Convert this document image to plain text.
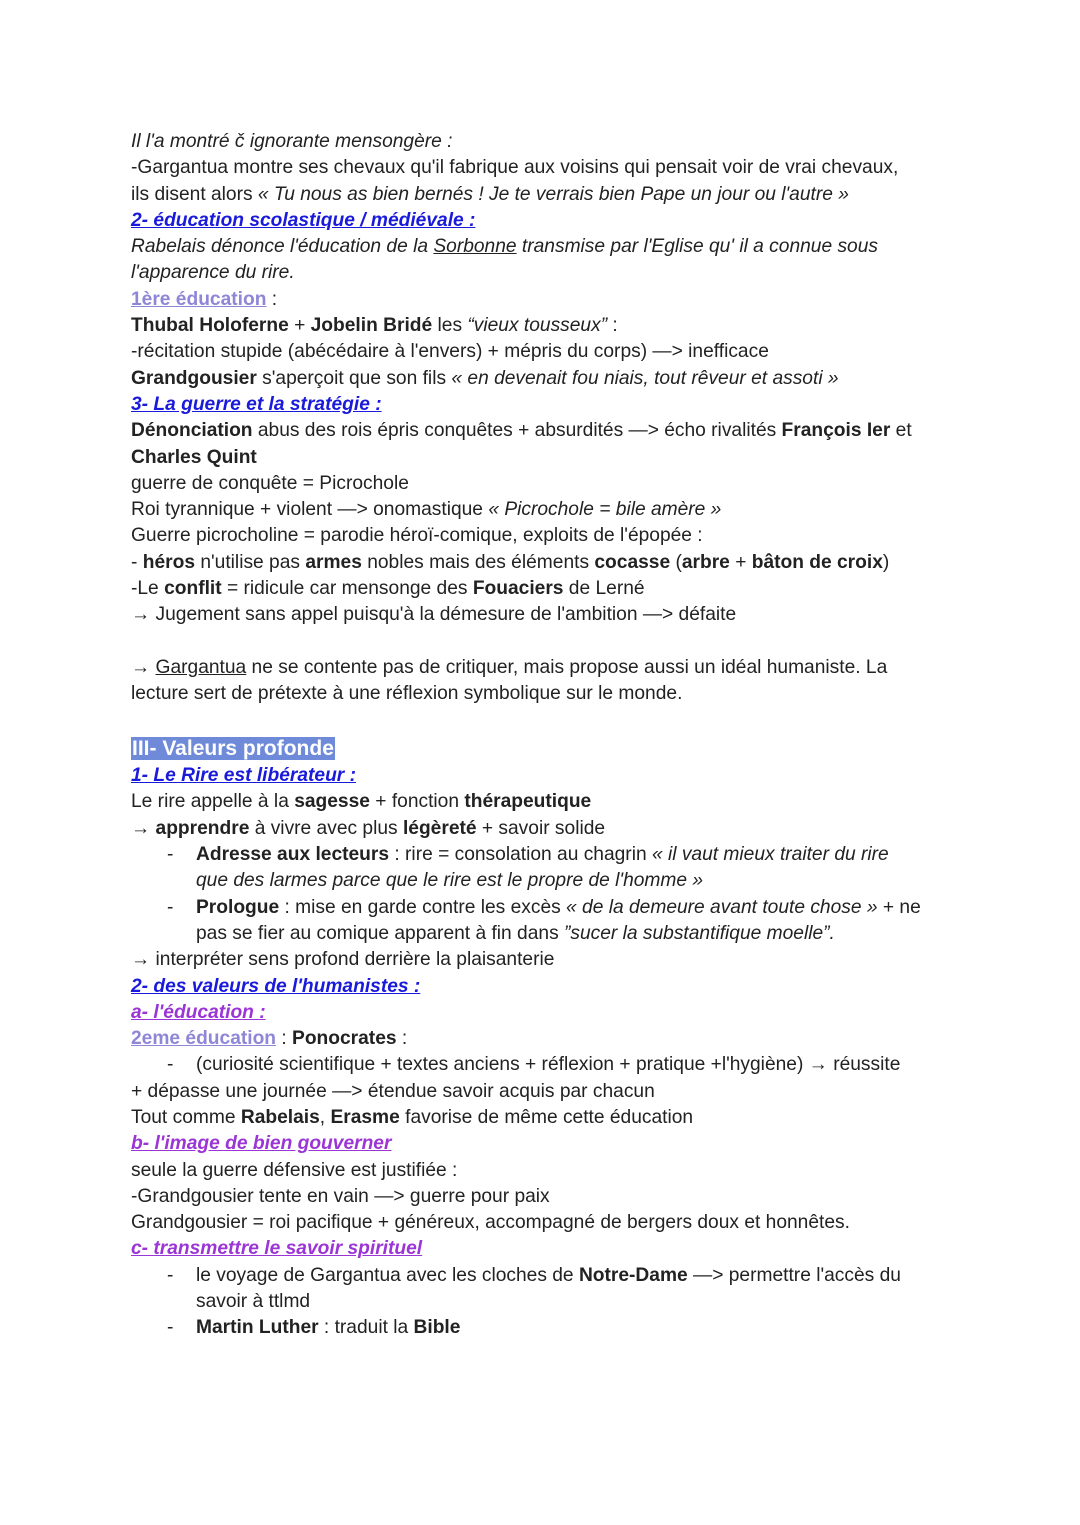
Il l'a montré č ignorante mensongère :
-Gargantua montre ses chevaux qu'il fabrique aux voisins qui pensait voir de vrai chevaux,
ils disent alors « Tu nous as bien bernés ! Je te verrais bien Pape un jour ou l'autre »
2- éducation scolastique / médiévale :
Rabelais dénonce l'éducation de la Sorbonne transmise par l'Eglise qu' il a connue sous
l'apparence du rire.
1ère éducation :
Thubal Holoferne + Jobelin Bridé les “vieux tousseux” :
-récitation stupide (abécédaire à l'envers) + mépris du corps) —> inefficace
Grandgousier s'aperçoit que son fils « en devenait fou niais, tout rêveur et assoti »
3- La guerre et la stratégie :
Dénonciation abus des rois épris conquêtes + absurdités —> écho rivalités François Ier et
Charles Quint
guerre de conquête = Picrochole
Roi tyrannique + violent —> onomastique « Picrochole = bile amère »
Guerre picrocholine = parodie héroï-comique, exploits de l'épopée :
- héros n'utilise pas armes nobles mais des éléments cocasse (arbre + bâton de croix)
-Le conflit = ridicule car mensonge des Fouaciers de Lerné
→ Jugement sans appel puisqu'à la démesure de l'ambition —> défaite
→ Gargantua ne se contente pas de critiquer, mais propose aussi un idéal humaniste. La
lecture sert de prétexte à une réflexion symbolique sur le monde.
III- Valeurs profonde
1- Le Rire est libérateur :
Le rire appelle à la sagesse + fonction thérapeutique
→ apprendre à vivre avec plus légèreté + savoir solide
- Adresse aux lecteurs : rire = consolation au chagrin « il vaut mieux traiter du rire
que des larmes parce que le rire est le propre de l'homme »
- Prologue : mise en garde contre les excès « de la demeure avant toute chose » + ne
pas se fier au comique apparent à fin dans ”sucer la substantifique moelle”.
→ interpréter sens profond derrière la plaisanterie
2- des valeurs de l'humanistes :
a- l'éducation :
2eme éducation : Ponocrates :
- (curiosité scientifique + textes anciens + réflexion + pratique +l'hygiène) → réussite
+ dépasse une journée —> étendue savoir acquis par chacun
Tout comme Rabelais, Erasme favorise de même cette éducation
b- l'image de bien gouverner
seule la guerre défensive est justifiée :
-Grandgousier tente en vain —> guerre pour paix
Grandgousier = roi pacifique + généreux, accompagné de bergers doux et honnêtes.
c- transmettre le savoir spirituel
- le voyage de Gargantua avec les cloches de Notre-Dame —> permettre l'accès du
savoir à ttlmd
- Martin Luther : traduit la Bible
